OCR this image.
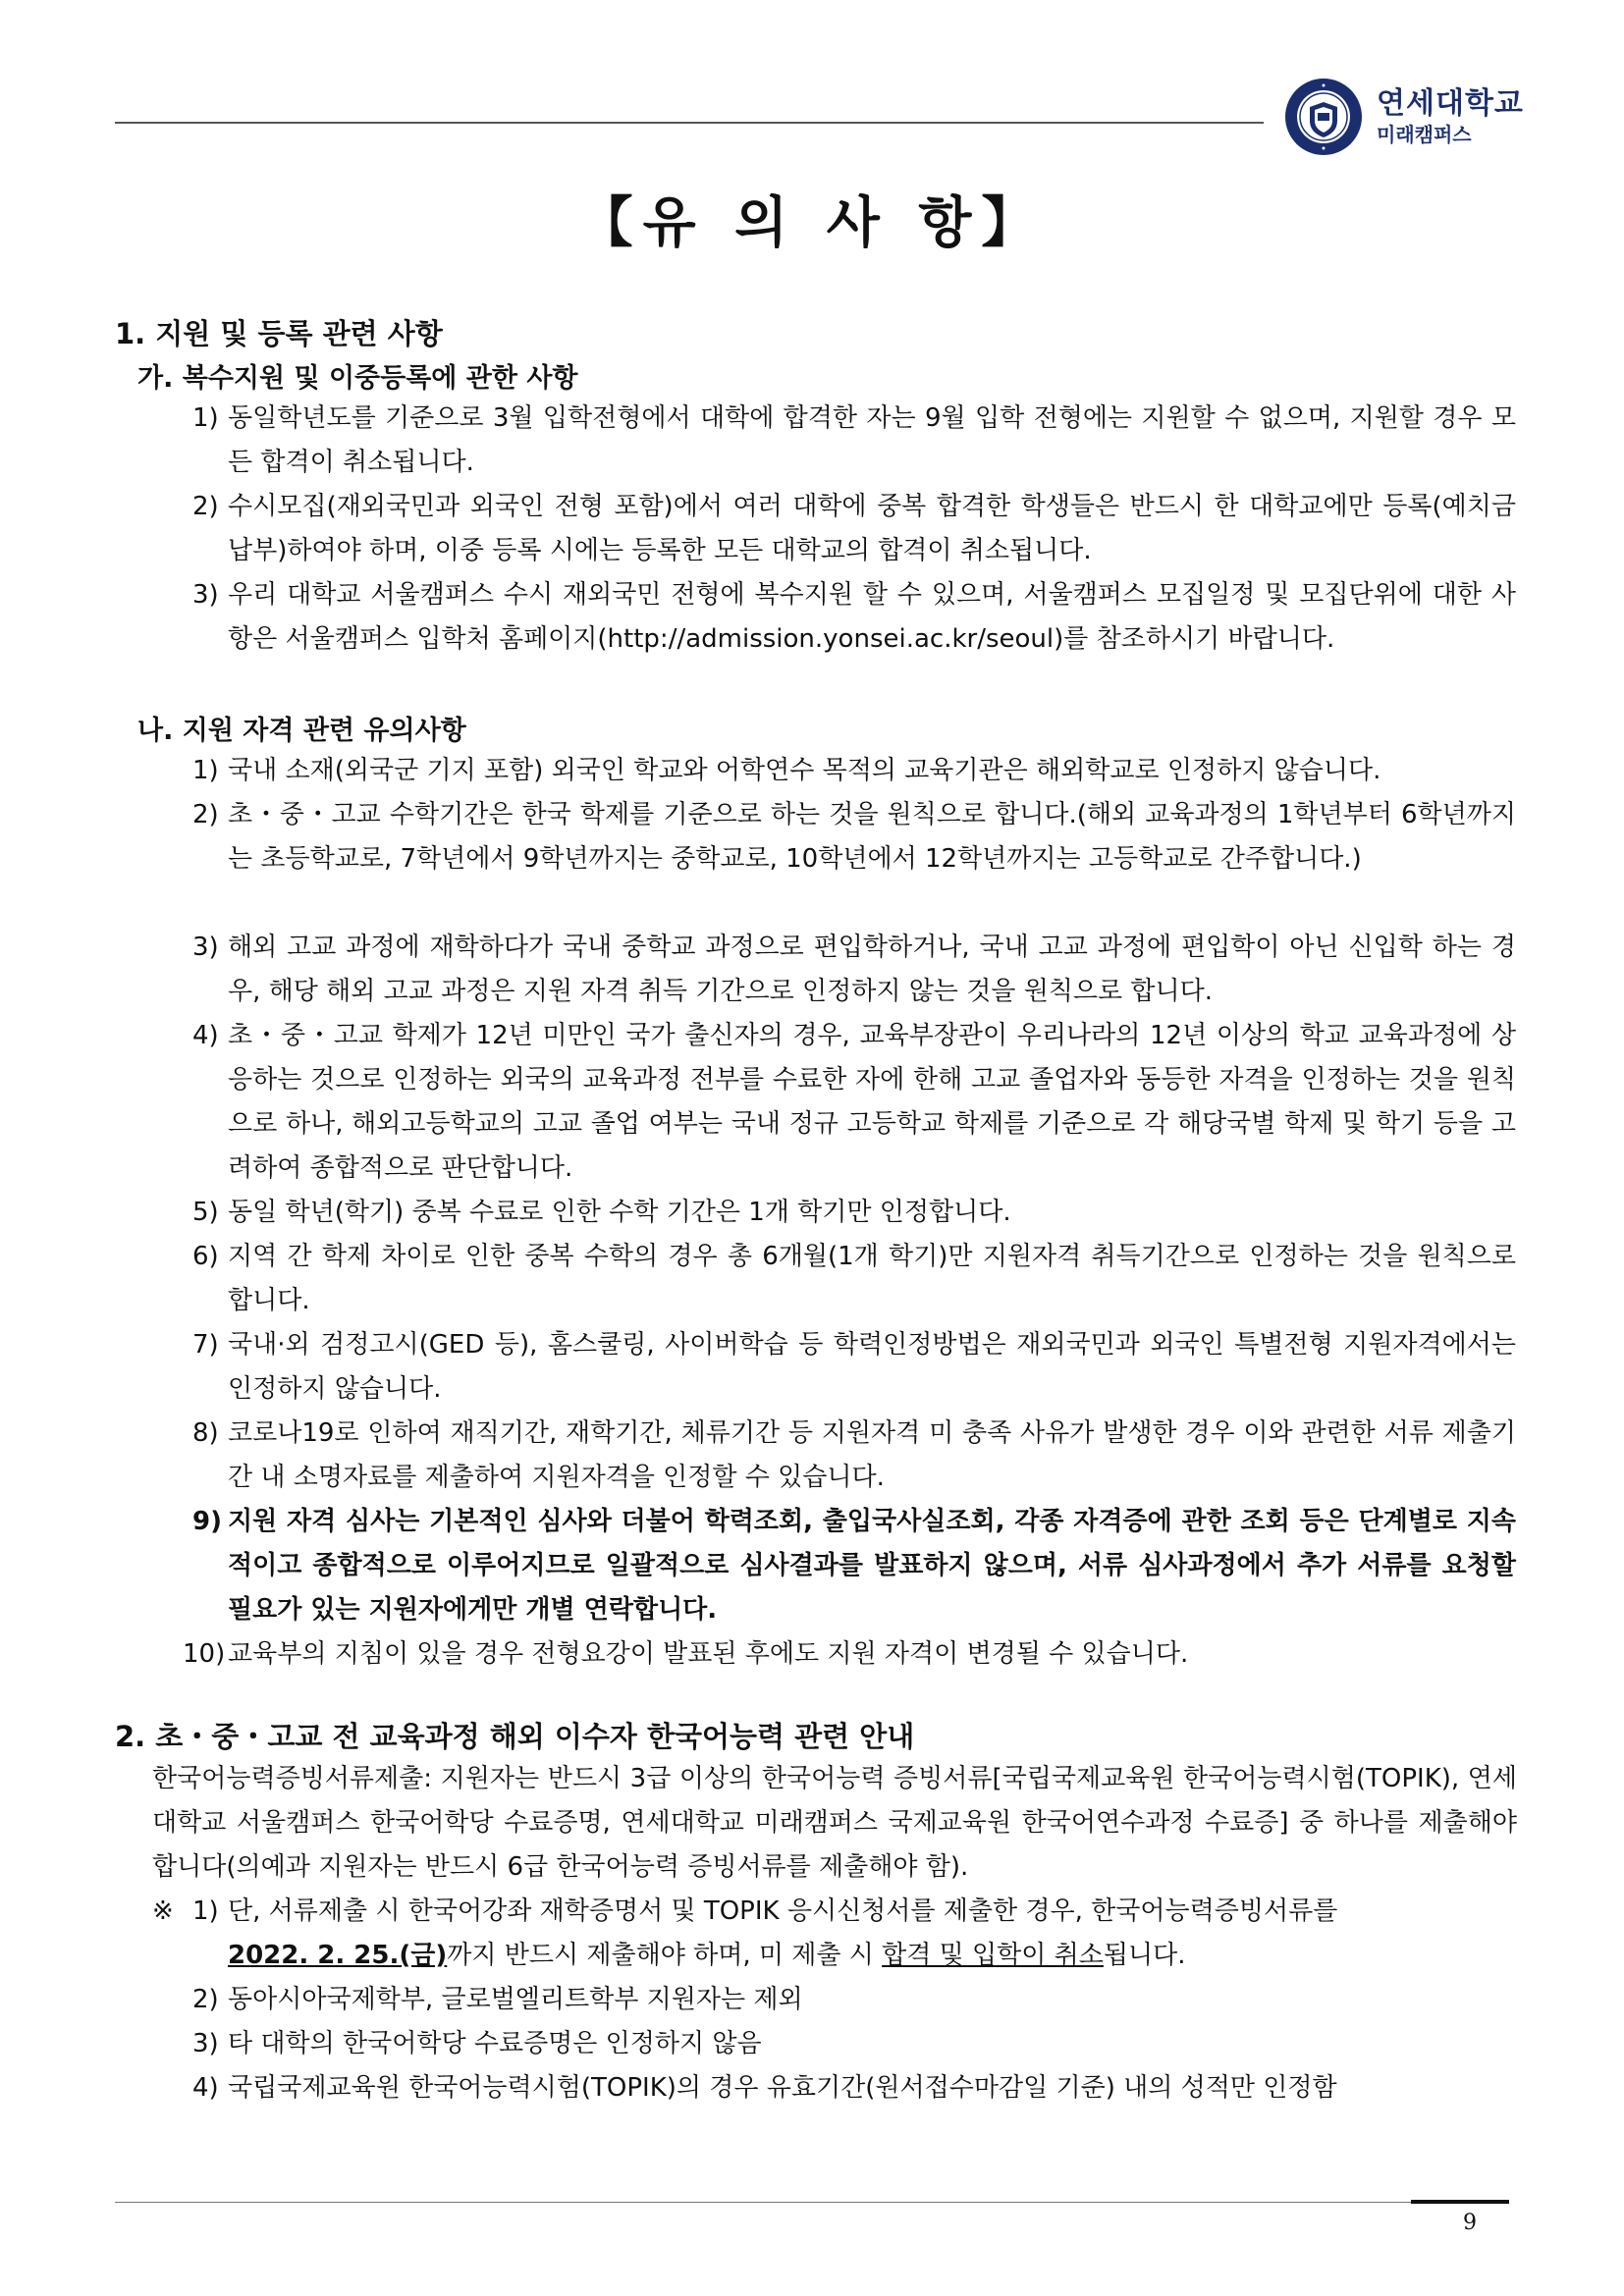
연세대학교
미래캠퍼스
【유 의 사 항】
1. 지원 및 등록 관련 사항
가. 복수지원 및 이중등록에 관한 사항
1) 동일학년도를 기준으로 3월 입학전형에서 대학에 합격한 자는 9월 입학 전형에는 지원할 수 없으며, 지원할 경우 모든 합격이 취소됩니다.
2) 수시모집(재외국민과 외국인 전형 포함)에서 여러 대학에 중복 합격한 학생들은 반드시 한 대학교에만 등록(예치금 납부)하여야 하며, 이중 등록 시에는 등록한 모든 대학교의 합격이 취소됩니다.
3) 우리 대학교 서울캠퍼스 수시 재외국민 전형에 복수지원 할 수 있으며, 서울캠퍼스 모집일정 및 모집단위에 대한 사항은 서울캠퍼스 입학처 홈페이지(http://admission.yonsei.ac.kr/seoul)를 참조하시기 바랍니다.
나. 지원 자격 관련 유의사항
1) 국내 소재(외국군 기지 포함) 외국인 학교와 어학연수 목적의 교육기관은 해외학교로 인정하지 않습니다.
2) 초・중・고교 수학기간은 한국 학제를 기준으로 하는 것을 원칙으로 합니다.(해외 교육과정의 1학년부터 6학년까지는 초등학교로, 7학년에서 9학년까지는 중학교로, 10학년에서 12학년까지는 고등학교로 간주합니다.)
3) 해외 고교 과정에 재학하다가 국내 중학교 과정으로 편입학하거나, 국내 고교 과정에 편입학이 아닌 신입학 하는 경우, 해당 해외 고교 과정은 지원 자격 취득 기간으로 인정하지 않는 것을 원칙으로 합니다.
4) 초・중・고교 학제가 12년 미만인 국가 출신자의 경우, 교육부장관이 우리나라의 12년 이상의 학교 교육과정에 상응하는 것으로 인정하는 외국의 교육과정 전부를 수료한 자에 한해 고교 졸업자와 동등한 자격을 인정하는 것을 원칙으로 하나, 해외고등학교의 고교 졸업 여부는 국내 정규 고등학교 학제를 기준으로 각 해당국별 학제 및 학기 등을 고려하여 종합적으로 판단합니다.
5) 동일 학년(학기) 중복 수료로 인한 수학 기간은 1개 학기만 인정합니다.
6) 지역 간 학제 차이로 인한 중복 수학의 경우 총 6개월(1개 학기)만 지원자격 취득기간으로 인정하는 것을 원칙으로 합니다.
7) 국내·외 검정고시(GED 등), 홈스쿨링, 사이버학습 등 학력인정방법은 재외국민과 외국인 특별전형 지원자격에서는 인정하지 않습니다.
8) 코로나19로 인하여 재직기간, 재학기간, 체류기간 등 지원자격 미 충족 사유가 발생한 경우 이와 관련한 서류 제출기간 내 소명자료를 제출하여 지원자격을 인정할 수 있습니다.
9) 지원 자격 심사는 기본적인 심사와 더불어 학력조회, 출입국사실조회, 각종 자격증에 관한 조회 등은 단계별로 지속적이고 종합적으로 이루어지므로 일괄적으로 심사결과를 발표하지 않으며, 서류 심사과정에서 추가 서류를 요청할 필요가 있는 지원자에게만 개별 연락합니다.
10) 교육부의 지침이 있을 경우 전형요강이 발표된 후에도 지원 자격이 변경될 수 있습니다.
2. 초・중・고교 전 교육과정 해외 이수자 한국어능력 관련 안내
한국어능력증빙서류제출: 지원자는 반드시 3급 이상의 한국어능력 증빙서류[국립국제교육원 한국어능력시험(TOPIK), 연세대학교 서울캠퍼스 한국어학당 수료증명, 연세대학교 미래캠퍼스 국제교육원 한국어연수과정 수료증] 중 하나를 제출해야 합니다(의예과 지원자는 반드시 6급 한국어능력 증빙서류를 제출해야 함).
※ 1) 단, 서류제출 시 한국어강좌 재학증명서 및 TOPIK 응시신청서를 제출한 경우, 한국어능력증빙서류를
2022. 2. 25.(금)까지 반드시 제출해야 하며, 미 제출 시 합격 및 입학이 취소됩니다.
2) 동아시아국제학부, 글로벌엘리트학부 지원자는 제외
3) 타 대학의 한국어학당 수료증명은 인정하지 않음
4) 국립국제교육원 한국어능력시험(TOPIK)의 경우 유효기간(원서접수마감일 기준) 내의 성적만 인정함
9
